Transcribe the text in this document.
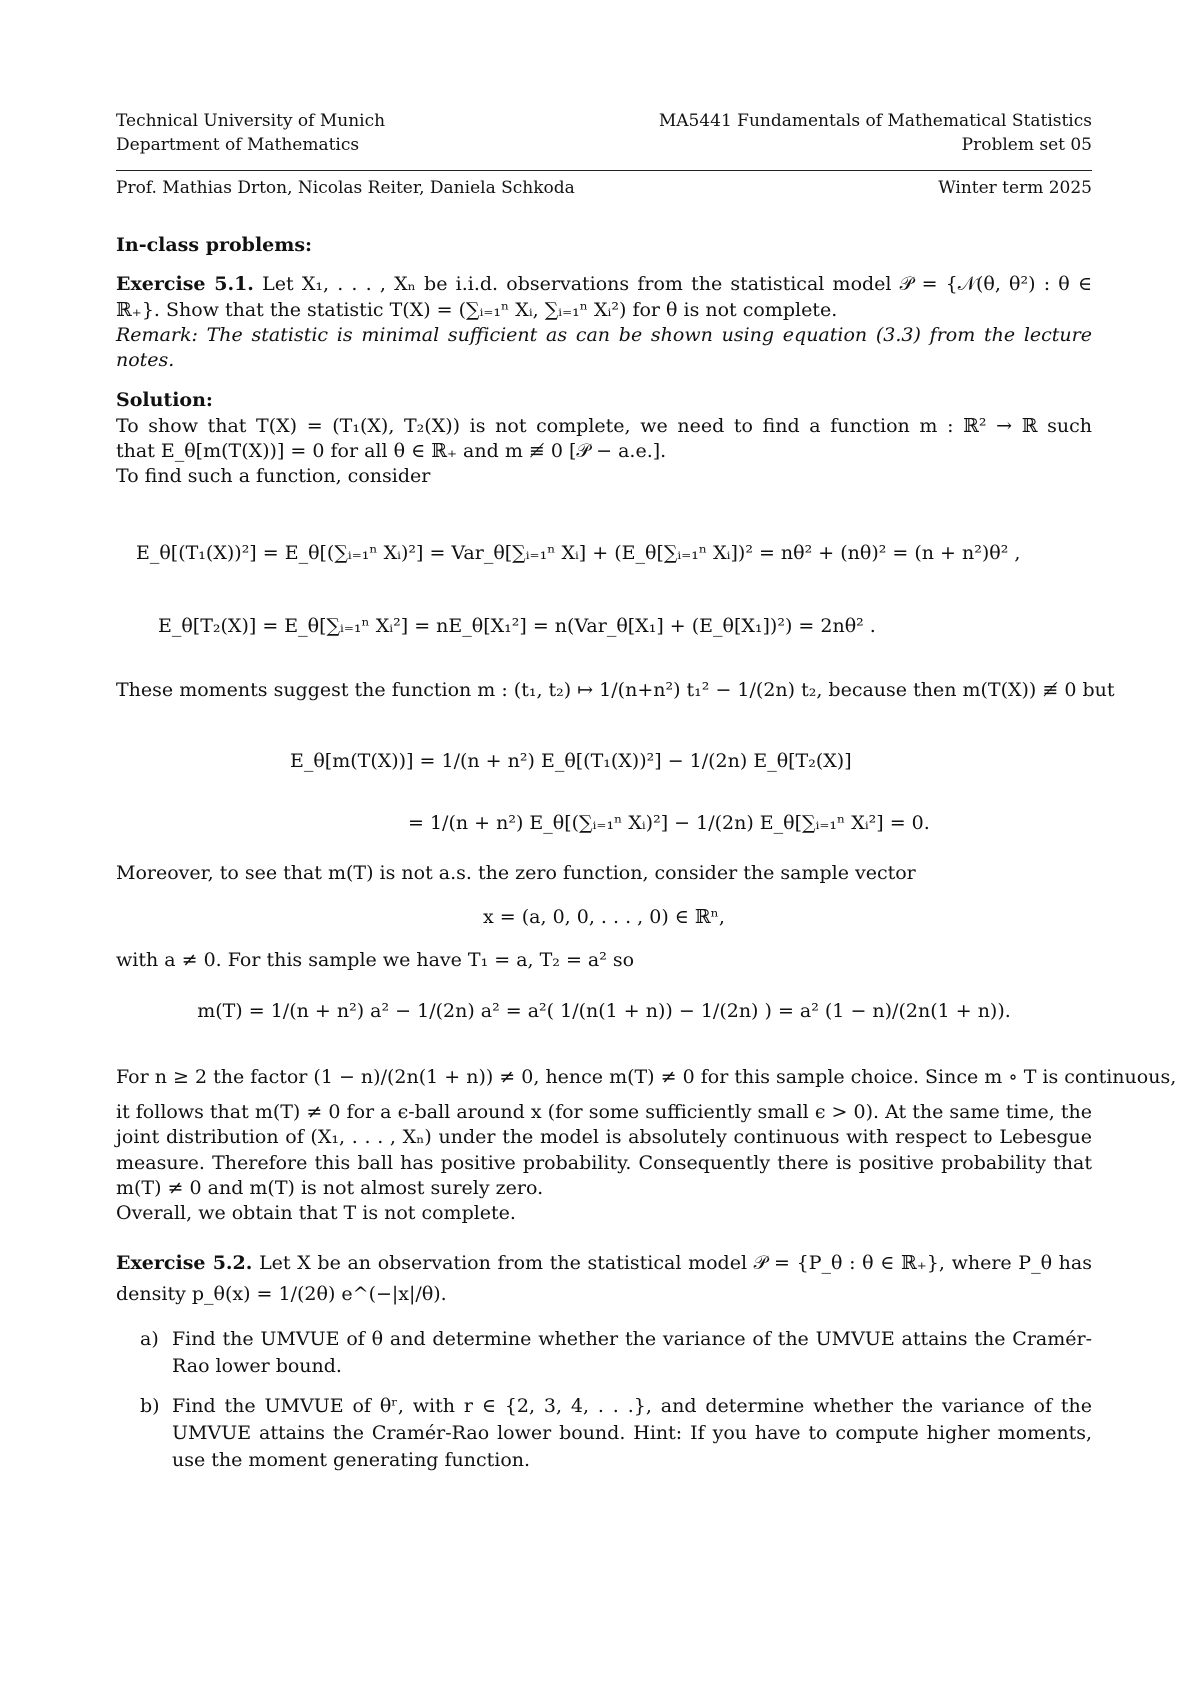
Technical University of Munich
Department of Mathematics
MA5441 Fundamentals of Mathematical Statistics
Problem set 05
Prof. Mathias Drton, Nicolas Reiter, Daniela Schkoda	Winter term 2025
In-class problems:
Exercise 5.1. Let X₁, . . . , Xₙ be i.i.d. observations from the statistical model 𝒫 = {𝒩(θ, θ²) : θ ∈
ℝ₊}. Show that the statistic T(X) = (∑ᵢ₌₁ⁿ Xᵢ, ∑ᵢ₌₁ⁿ Xᵢ²) for θ is not complete.
Remark: The statistic is minimal sufficient as can be shown using equation (3.3) from the lecture
notes.
Solution:
To show that T(X) = (T₁(X), T₂(X)) is not complete, we need to find a function m : ℝ² → ℝ such
that E_θ[m(T(X))] = 0 for all θ ∈ ℝ₊ and m ≢ 0 [𝒫 − a.e.].
To find such a function, consider
E_θ[(T₁(X))²] = E_θ[(∑ᵢ₌₁ⁿ Xᵢ)²] = Var_θ[∑ᵢ₌₁ⁿ Xᵢ] + (E_θ[∑ᵢ₌₁ⁿ Xᵢ])² = nθ² + (nθ)² = (n + n²)θ² ,
E_θ[T₂(X)] = E_θ[∑ᵢ₌₁ⁿ Xᵢ²] = nE_θ[X₁²] = n(Var_θ[X₁] + (E_θ[X₁])²) = 2nθ² .
These moments suggest the function m : (t₁, t₂) ↦ 1/(n+n²) t₁² − 1/(2n) t₂, because then m(T(X)) ≢ 0 but
E_θ[m(T(X))] = 1/(n + n²) E_θ[(T₁(X))²] − 1/(2n) E_θ[T₂(X)]
= 1/(n + n²) E_θ[(∑ᵢ₌₁ⁿ Xᵢ)²] − 1/(2n) E_θ[∑ᵢ₌₁ⁿ Xᵢ²] = 0.
Moreover, to see that m(T) is not a.s. the zero function, consider the sample vector
x = (a, 0, 0, . . . , 0) ∈ ℝⁿ,
with a ≠ 0. For this sample we have T₁ = a, T₂ = a² so
m(T) = 1/(n + n²) a² − 1/(2n) a² = a²( 1/(n(1 + n)) − 1/(2n) ) = a² (1 − n)/(2n(1 + n)).
For n ≥ 2 the factor (1 − n)/(2n(1 + n)) ≠ 0, hence m(T) ≠ 0 for this sample choice. Since m ∘ T is continuous,
it follows that m(T) ≠ 0 for a ϵ-ball around x (for some sufficiently small ϵ > 0). At the same time, the
joint distribution of (X₁, . . . , Xₙ) under the model is absolutely continuous with respect to Lebesgue
measure. Therefore this ball has positive probability. Consequently there is positive probability that
m(T) ≠ 0 and m(T) is not almost surely zero.
Overall, we obtain that T is not complete.
Exercise 5.2. Let X be an observation from the statistical model 𝒫 = {P_θ : θ ∈ ℝ₊}, where P_θ has
density p_θ(x) = 1/(2θ) e^(−|x|/θ).
a) Find the UMVUE of θ and determine whether the variance of the UMVUE attains the Cramér-
Rao lower bound.
b) Find the UMVUE of θʳ, with r ∈ {2, 3, 4, . . .}, and determine whether the variance of the
UMVUE attains the Cramér-Rao lower bound. Hint: If you have to compute higher moments,
use the moment generating function.
